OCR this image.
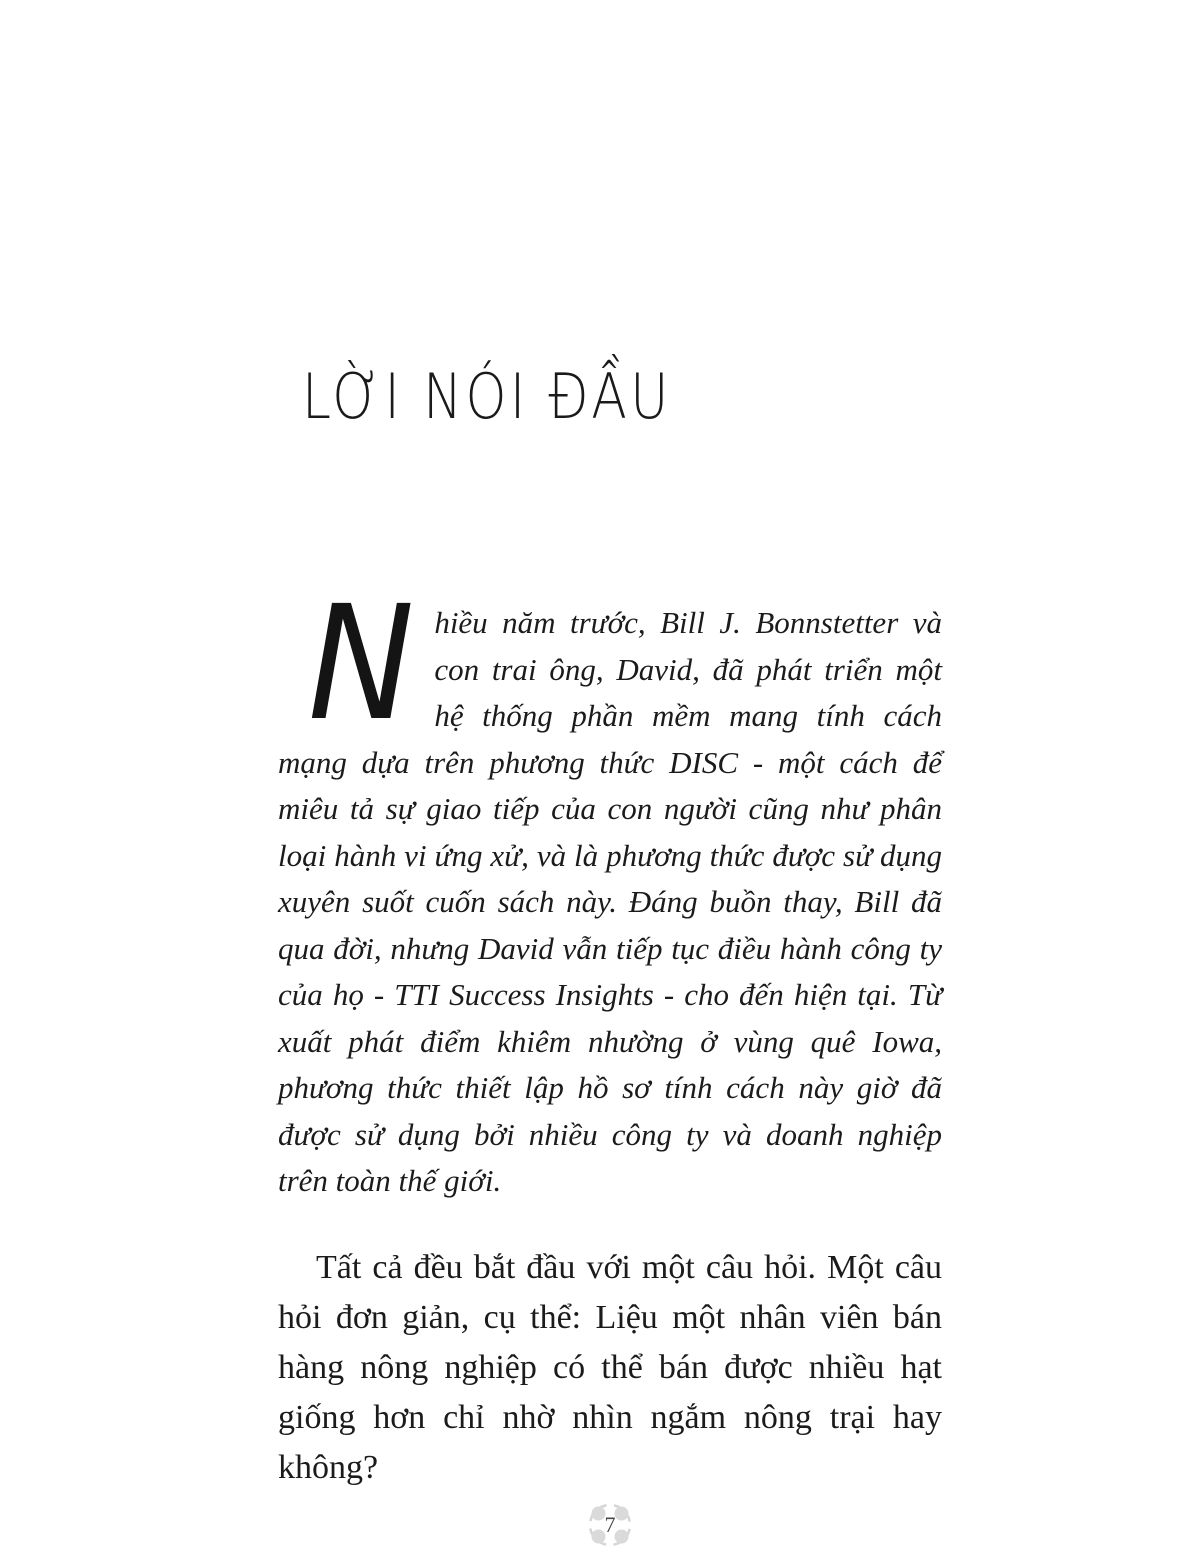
LỜI NÓI ĐẦU

Nhiều năm trước, Bill J. Bonnstetter và con trai ông, David, đã phát triển một hệ thống phần mềm mang tính cách mạng dựa trên phương thức DISC - một cách để miêu tả sự giao tiếp của con người cũng như phân loại hành vi ứng xử, và là phương thức được sử dụng xuyên suốt cuốn sách này. Đáng buồn thay, Bill đã qua đời, nhưng David vẫn tiếp tục điều hành công ty của họ - TTI Success Insights - cho đến hiện tại. Từ xuất phát điểm khiêm nhường ở vùng quê Iowa, phương thức thiết lập hồ sơ tính cách này giờ đã được sử dụng bởi nhiều công ty và doanh nghiệp trên toàn thế giới.

Tất cả đều bắt đầu với một câu hỏi. Một câu hỏi đơn giản, cụ thể: Liệu một nhân viên bán hàng nông nghiệp có thể bán được nhiều hạt giống hơn chỉ nhờ nhìn ngắm nông trại hay không?

7
